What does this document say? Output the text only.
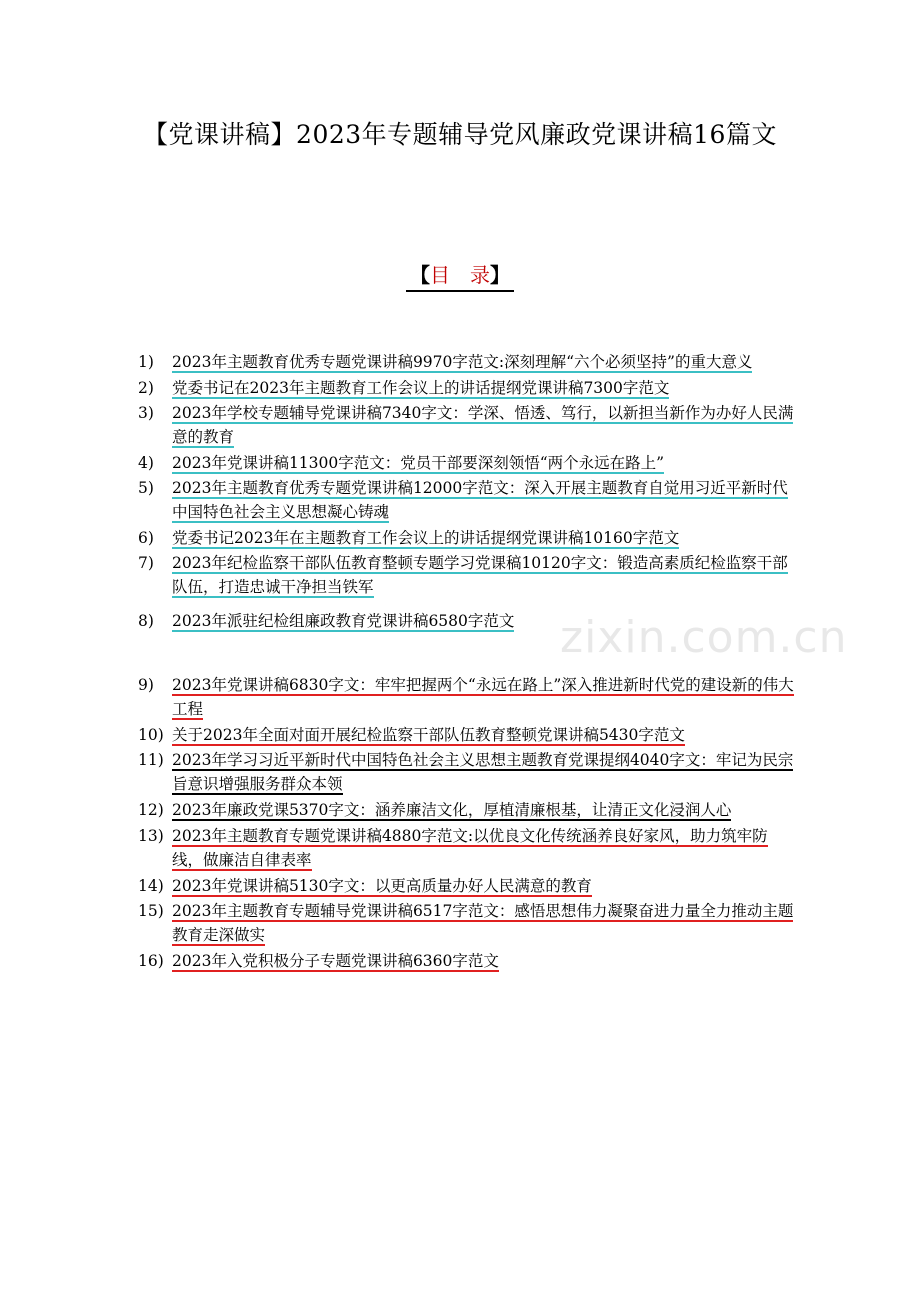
【党课讲稿】2023年专题辅导党风廉政党课讲稿16篇文
【目　录】
zixin.com.cn
1) 2023年主题教育优秀专题党课讲稿9970字范文:深刻理解“六个必须坚持”的重大意义
2) 党委书记在2023年主题教育工作会议上的讲话提纲党课讲稿7300字范文
3) 2023年学校专题辅导党课讲稿7340字文：学深、悟透、笃行，以新担当新作为办好人民满意的教育
4) 2023年党课讲稿11300字范文：党员干部要深刻领悟“两个永远在路上”
5) 2023年主题教育优秀专题党课讲稿12000字范文：深入开展主题教育自觉用习近平新时代中国特色社会主义思想凝心铸魂
6) 党委书记2023年在主题教育工作会议上的讲话提纲党课讲稿10160字范文
7) 2023年纪检监察干部队伍教育整顿专题学习党课稿10120字文：锻造高素质纪检监察干部队伍，打造忠诚干净担当铁军
8) 2023年派驻纪检组廉政教育党课讲稿6580字范文
9) 2023年党课讲稿6830字文：牢牢把握两个“永远在路上”深入推进新时代党的建设新的伟大工程
10) 关于2023年全面对面开展纪检监察干部队伍教育整顿党课讲稿5430字范文
11) 2023年学习习近平新时代中国特色社会主义思想主题教育党课提纲4040字文：牢记为民宗旨意识增强服务群众本领
12) 2023年廉政党课5370字文：涵养廉洁文化，厚植清廉根基，让清正文化浸润人心
13) 2023年主题教育专题党课讲稿4880字范文:以优良文化传统涵养良好家风，助力筑牢防线，做廉洁自律表率
14) 2023年党课讲稿5130字文：以更高质量办好人民满意的教育
15) 2023年主题教育专题辅导党课讲稿6517字范文：感悟思想伟力凝聚奋进力量全力推动主题教育走深做实
16) 2023年入党积极分子专题党课讲稿6360字范文
